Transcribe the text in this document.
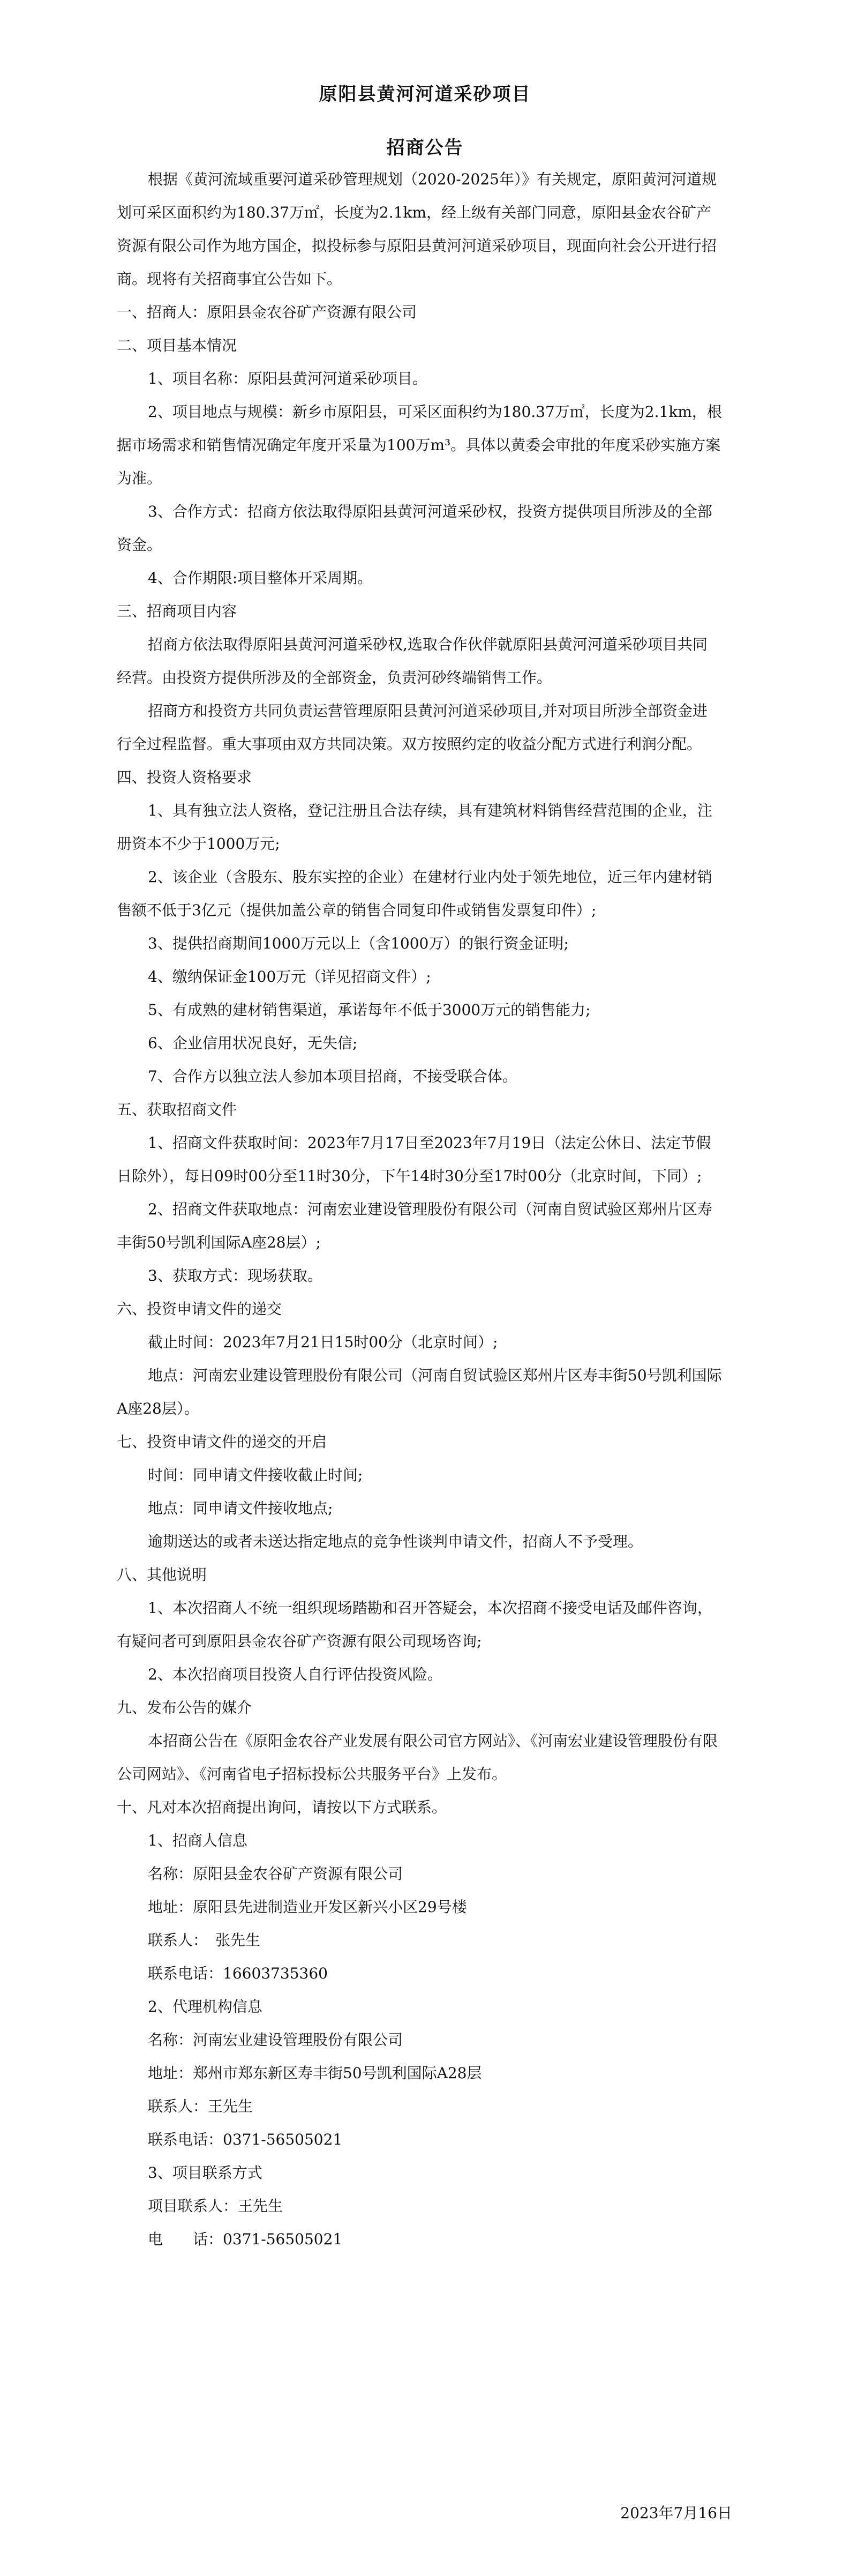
原阳县黄河河道采砂项目
招商公告

根据《黄河流域重要河道采砂管理规划（2020-2025年）》有关规定，原阳黄河河道规划可采区面积约为180.37万㎡，长度为2.1km，经上级有关部门同意，原阳县金农谷矿产资源有限公司作为地方国企，拟投标参与原阳县黄河河道采砂项目，现面向社会公开进行招商。现将有关招商事宜公告如下。

一、招商人：原阳县金农谷矿产资源有限公司

二、项目基本情况

1、项目名称：原阳县黄河河道采砂项目。

2、项目地点与规模：新乡市原阳县，可采区面积约为180.37万㎡，长度为2.1km，根据市场需求和销售情况确定年度开采量为100万m³。具体以黄委会审批的年度采砂实施方案为准。

3、合作方式：招商方依法取得原阳县黄河河道采砂权，投资方提供项目所涉及的全部资金。

4、合作期限:项目整体开采周期。

三、招商项目内容

招商方依法取得原阳县黄河河道采砂权,选取合作伙伴就原阳县黄河河道采砂项目共同经营。由投资方提供所涉及的全部资金，负责河砂终端销售工作。

招商方和投资方共同负责运营管理原阳县黄河河道采砂项目,并对项目所涉全部资金进行全过程监督。重大事项由双方共同决策。双方按照约定的收益分配方式进行利润分配。

四、投资人资格要求

1、具有独立法人资格，登记注册且合法存续，具有建筑材料销售经营范围的企业，注册资本不少于1000万元;

2、该企业（含股东、股东实控的企业）在建材行业内处于领先地位，近三年内建材销售额不低于3亿元（提供加盖公章的销售合同复印件或销售发票复印件）;

3、提供招商期间1000万元以上（含1000万）的银行资金证明;

4、缴纳保证金100万元（详见招商文件）;

5、有成熟的建材销售渠道，承诺每年不低于3000万元的销售能力;

6、企业信用状况良好，无失信;

7、合作方以独立法人参加本项目招商，不接受联合体。

五、获取招商文件

1、招商文件获取时间：2023年7月17日至2023年7月19日（法定公休日、法定节假日除外），每日09时00分至11时30分，下午14时30分至17时00分（北京时间，下同）;

2、招商文件获取地点：河南宏业建设管理股份有限公司（河南自贸试验区郑州片区寿丰街50号凯利国际A座28层）;

3、获取方式：现场获取。

六、投资申请文件的递交

截止时间：2023年7月21日15时00分（北京时间）;

地点：河南宏业建设管理股份有限公司（河南自贸试验区郑州片区寿丰街50号凯利国际A座28层）。

七、投资申请文件的递交的开启

时间：同申请文件接收截止时间;

地点：同申请文件接收地点;

逾期送达的或者未送达指定地点的竞争性谈判申请文件，招商人不予受理。

八、其他说明

1、本次招商人不统一组织现场踏勘和召开答疑会，本次招商不接受电话及邮件咨询，有疑问者可到原阳县金农谷矿产资源有限公司现场咨询;

2、本次招商项目投资人自行评估投资风险。

九、发布公告的媒介

本招商公告在《原阳金农谷产业发展有限公司官方网站》、《河南宏业建设管理股份有限公司网站》、《河南省电子招标投标公共服务平台》上发布。

十、凡对本次招商提出询问，请按以下方式联系。

1、招商人信息

名称：原阳县金农谷矿产资源有限公司

地址：原阳县先进制造业开发区新兴小区29号楼

联系人：　张先生

联系电话：16603735360

2、代理机构信息

名称：河南宏业建设管理股份有限公司

地址：郑州市郑东新区寿丰街50号凯利国际A28层

联系人：王先生

联系电话：0371-56505021

3、项目联系方式

项目联系人：王先生

电　　话：0371-56505021

2023年7月16日
